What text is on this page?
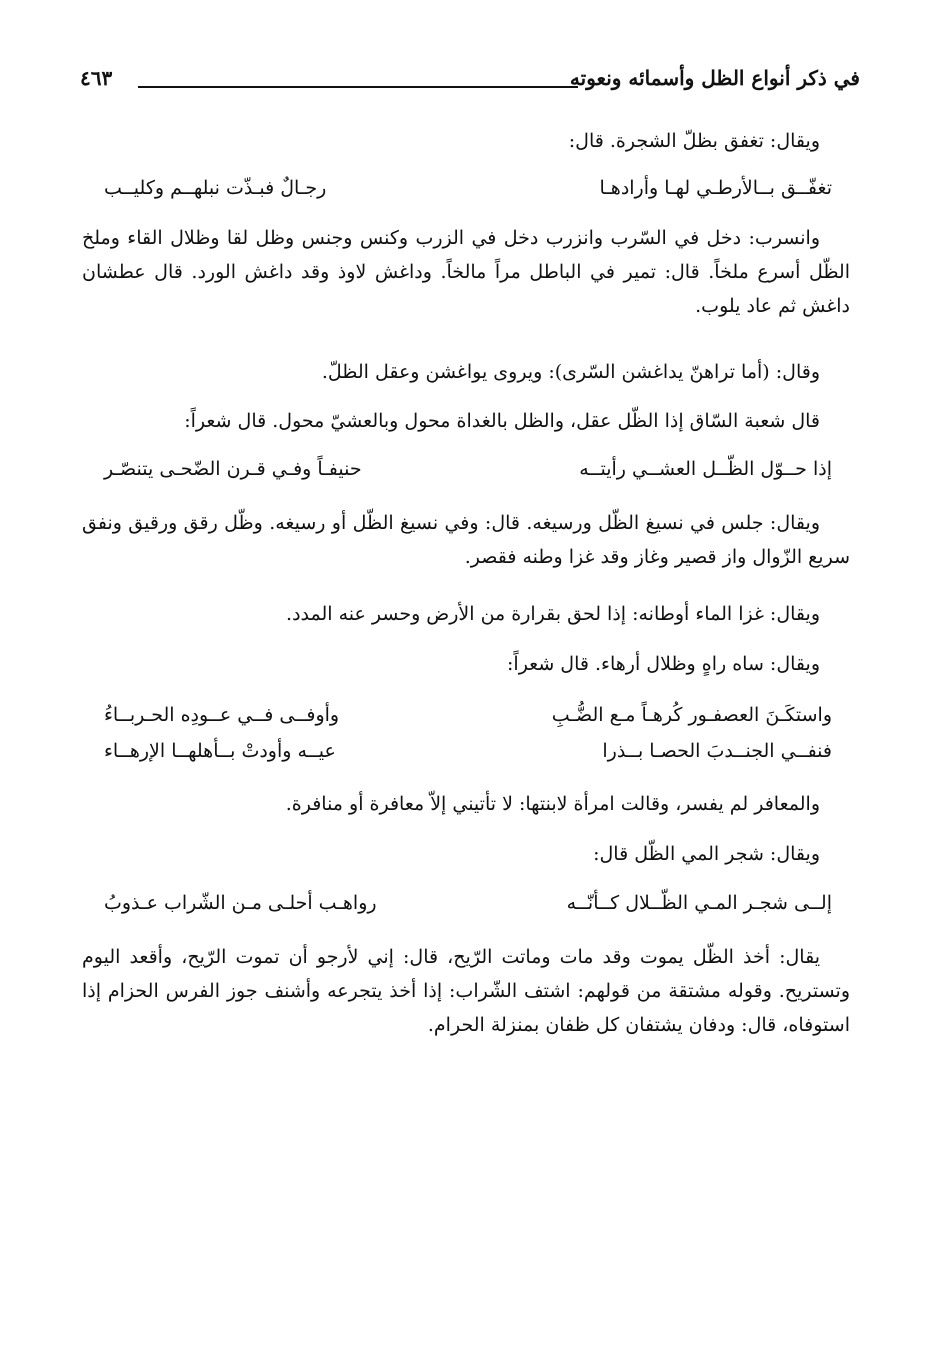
في ذكر أنواع الظل وأسمائه ونعوته
٤٦٣
ويقال: تغفق بظلّ الشجرة. قال:
تغفّــق بــالأرطـي لهـا وأرادهـا
رجـالٌ فبـذّت نبلهــم وكليــب
وانسرب: دخل في السّرب وانزرب دخل في الزرب وكنس وجنس وظل لقا وظلال القاء وملخ الظّل أسرع ملخاً. قال: تمير في الباطل مراً مالخاً. وداغش لاوذ وقد داغش الورد. قال عطشان داغش ثم عاد يلوب.
وقال: (أما تراهنّ يداغشن السّرى): ويروى يواغشن وعقل الظلّ.
قال شعبة السّاق إذا الظّل عقل، والظل بالغداة محول وبالعشيّ محول. قال شعراً:
إذا حــوّل الظّــل العشــي رأيتــه
حنيفـاً وفـي قـرن الضّحـى يتنصّـر
ويقال: جلس في نسيغ الظّل ورسيغه. قال: وفي نسيغ الظّل أو رسيغه. وظّل رقق ورقيق ونفق سريع الزّوال واز قصير وغاز وقد غزا وطنه فقصر.
ويقال: غزا الماء أوطانه: إذا لحق بقرارة من الأرض وحسر عنه المدد.
ويقال: ساه راهٍ وظلال أرهاء. قال شعراً:
واستكَـنَ العصفـور كُرهـاً مـع الضُّـبِ
وأوفــى فــي عــودِه الحـربــاءُ
فنفــي الجنــدبَ الحصـا بــذرا
عيــه وأودتْ بــأهلهــا الإرهــاء
والمعافر لم يفسر، وقالت امرأة لابنتها: لا تأتيني إلاّ معافرة أو منافرة.
ويقال: شجر المي الظّل قال:
إلــى شجـر المـي الظّــلال كــأنّــه
رواهـب أحلـى مـن الشّراب عـذوبُ
يقال: أخذ الظّل يموت وقد مات وماتت الرّيح، قال: إني لأرجو أن تموت الرّيح، وأقعد اليوم وتستريح. وقوله مشتقة من قولهم: اشتف الشّراب: إذا أخذ يتجرعه وأشنف جوز الفرس الحزام إذا استوفاه، قال: ودفان يشتفان كل ظفان بمنزلة الحرام.
